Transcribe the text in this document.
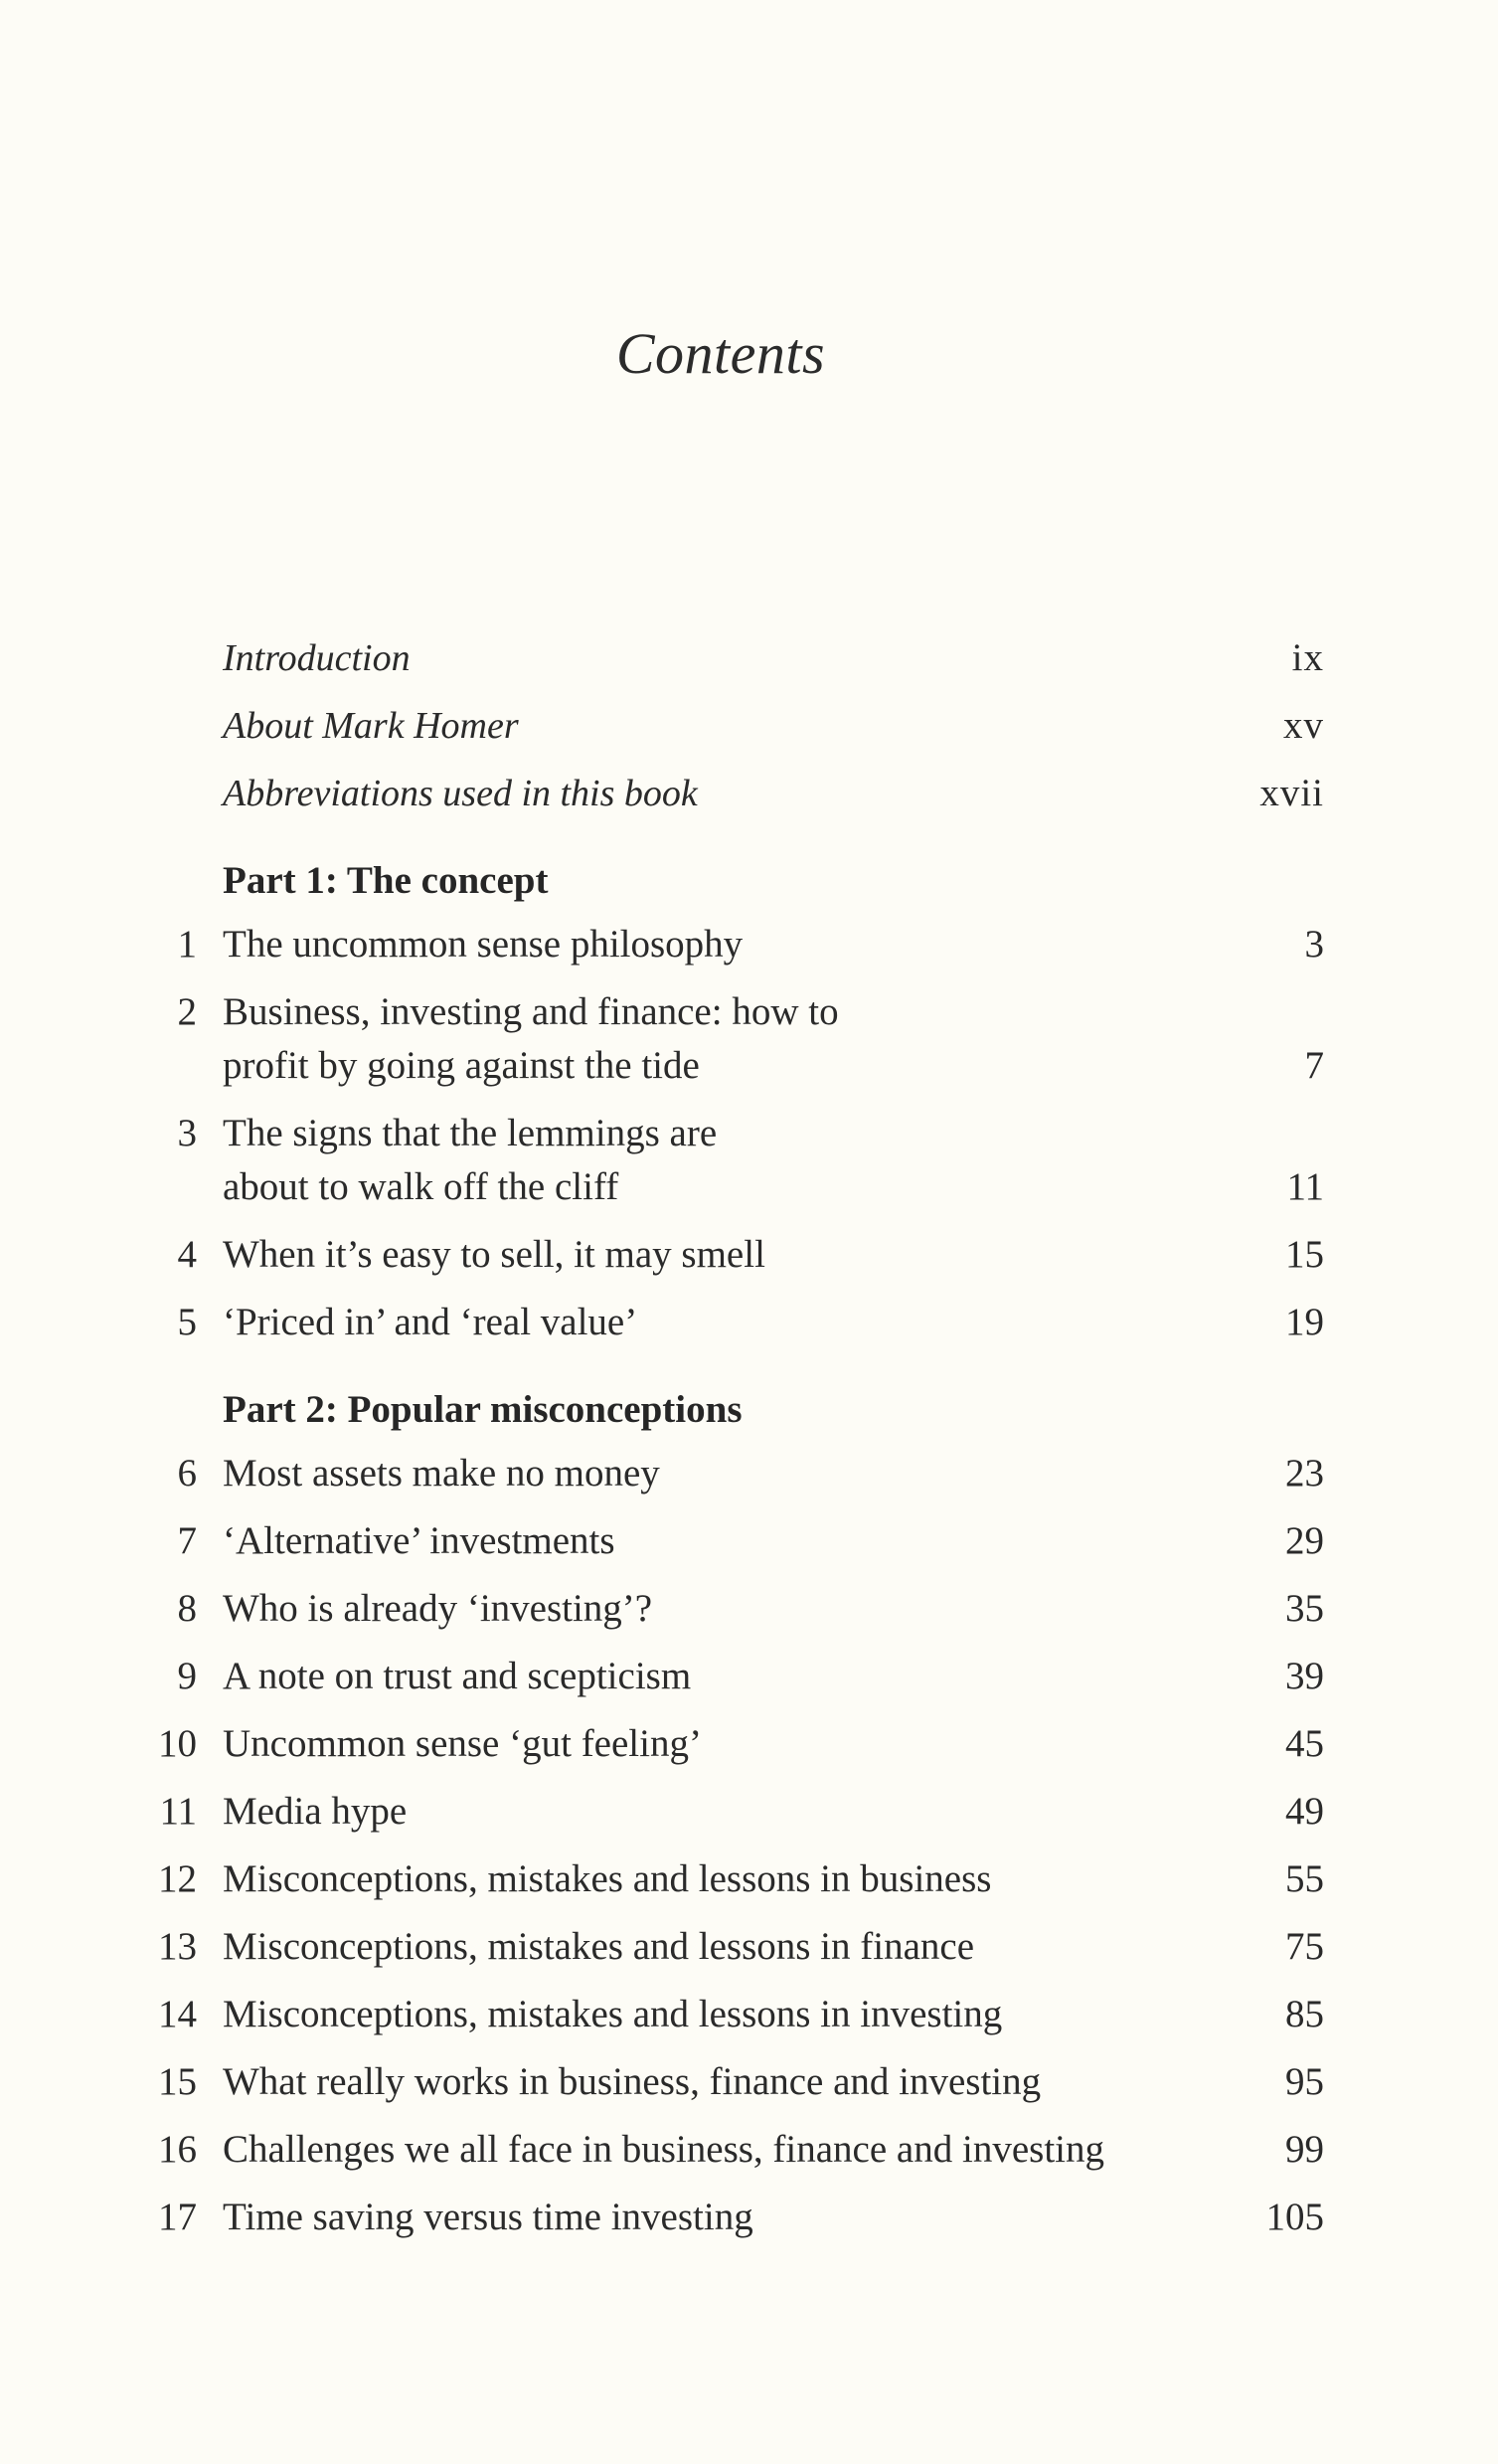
Contents
Introduction	ix
About Mark Homer	xv
Abbreviations used in this book	xvii
Part 1: The concept
1 The uncommon sense philosophy	3
2 Business, investing and finance: how to
profit by going against the tide	7
3 The signs that the lemmings are
about to walk off the cliff	11
4 When it’s easy to sell, it may smell	15
5 ‘Priced in’ and ‘real value’	19
Part 2: Popular misconceptions
6 Most assets make no money	23
7 ‘Alternative’ investments	29
8 Who is already ‘investing’?	35
9 A note on trust and scepticism	39
10 Uncommon sense ‘gut feeling’	45
11 Media hype	49
12 Misconceptions, mistakes and lessons in business	55
13 Misconceptions, mistakes and lessons in finance	75
14 Misconceptions, mistakes and lessons in investing	85
15 What really works in business, finance and investing	95
16 Challenges we all face in business, finance and investing	99
17 Time saving versus time investing	105
